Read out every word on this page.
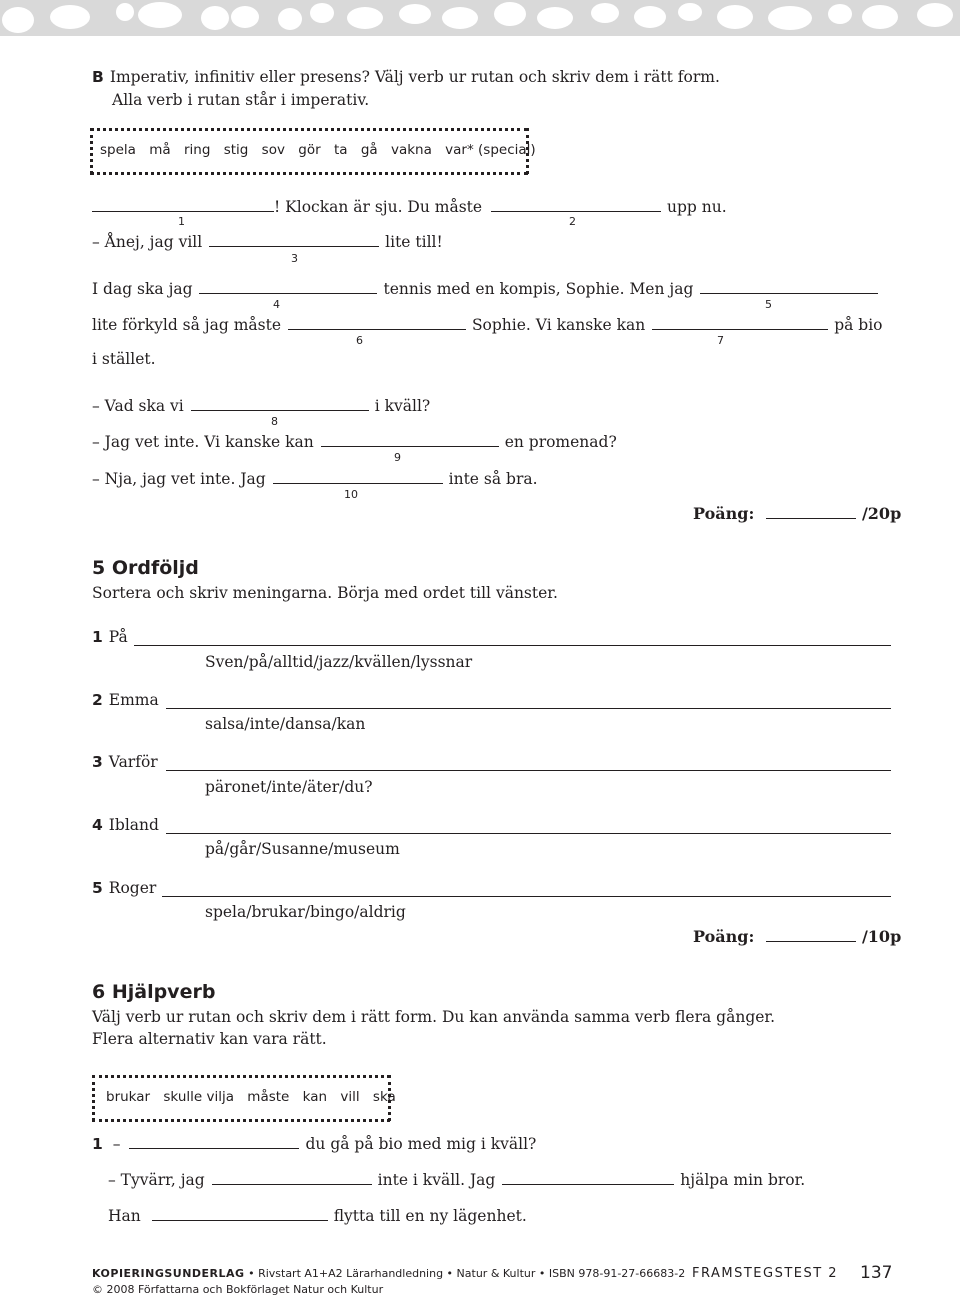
B Imperativ, infinitiv eller presens? Välj verb ur rutan och skriv dem i rätt form.
Alla verb i rutan står i imperativ.
spela må ring stig sov gör ta gå vakna var* (special)
! Klockan är sju. Du måste	upp nu.
1	2
– Ånej, jag vill	lite till!
3
I dag ska jag	tennis med en kompis, Sophie. Men jag
4	5
lite förkyld så jag måste	Sophie. Vi kanske kan	på bio
6	7
i stället.
– Vad ska vi	i kväll?
8
– Jag vet inte. Vi kanske kan	en promenad?
9
– Nja, jag vet inte. Jag	inte så bra.
10
Poäng:	/20p
5 Ordföljd
Sortera och skriv meningarna. Börja med ordet till vänster.
1 På
Sven/på/alltid/jazz/kvällen/lyssnar
2 Emma
salsa/inte/dansa/kan
3 Varför
päronet/inte/äter/du?
4 Ibland
på/går/Susanne/museum
5 Roger
spela/brukar/bingo/aldrig
Poäng:	/10p
6 Hjälpverb
Välj verb ur rutan och skriv dem i rätt form. Du kan använda samma verb flera gånger.
Flera alternativ kan vara rätt.
brukar skulle vilja måste kan vill ska
1 –	du gå på bio med mig i kväll?
– Tyvärr, jag	inte i kväll. Jag	hjälpa min bror.
Han	flytta till en ny lägenhet.
KOPIERINGSUNDERLAG • Rivstart A1+A2 Lärarhandledning • Natur & Kultur • ISBN 978-91-27-66683-2
© 2008 Författarna och Bokförlaget Natur och Kultur
FRAMSTEGSTEST 2 137
